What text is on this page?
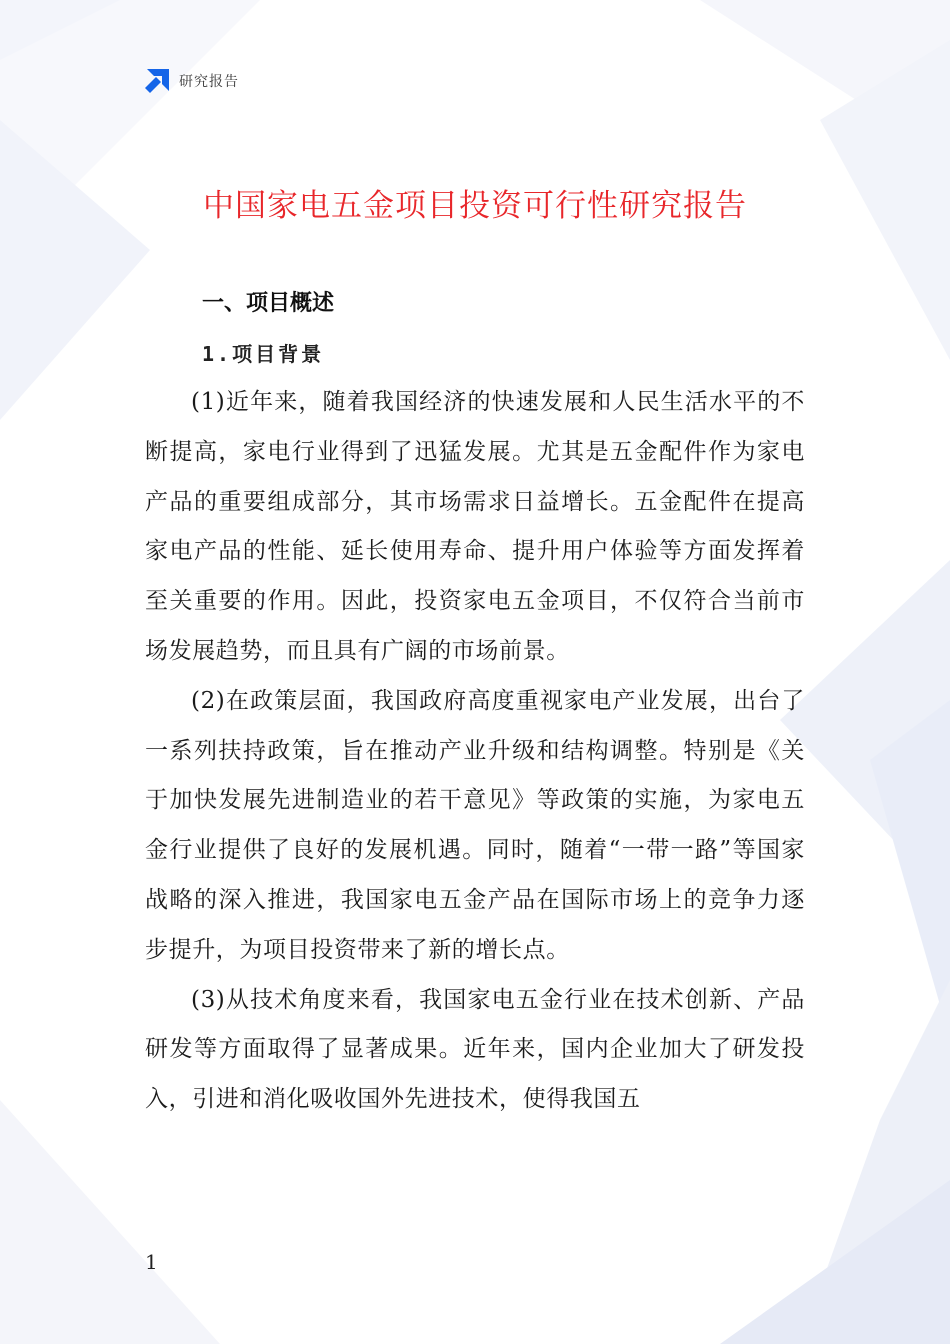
研究报告
中国家电五金项目投资可行性研究报告
一、项目概述
1.项目背景

(1)近年来，随着我国经济的快速发展和人民生活水平的不断提高，家电行业得到了迅猛发展。尤其是五金配件作为家电产品的重要组成部分，其市场需求日益增长。五金配件在提高家电产品的性能、延长使用寿命、提升用户体验等方面发挥着至关重要的作用。因此，投资家电五金项目，不仅符合当前市场发展趋势，而且具有广阔的市场前景。

(2)在政策层面，我国政府高度重视家电产业发展，出台了一系列扶持政策，旨在推动产业升级和结构调整。特别是《关于加快发展先进制造业的若干意见》等政策的实施，为家电五金行业提供了良好的发展机遇。同时，随着“一带一路”等国家战略的深入推进，我国家电五金产品在国际市场上的竞争力逐步提升，为项目投资带来了新的增长点。

(3)从技术角度来看，我国家电五金行业在技术创新、产品研发等方面取得了显著成果。近年来，国内企业加大了研发投入，引进和消化吸收国外先进技术，使得我国五

1
